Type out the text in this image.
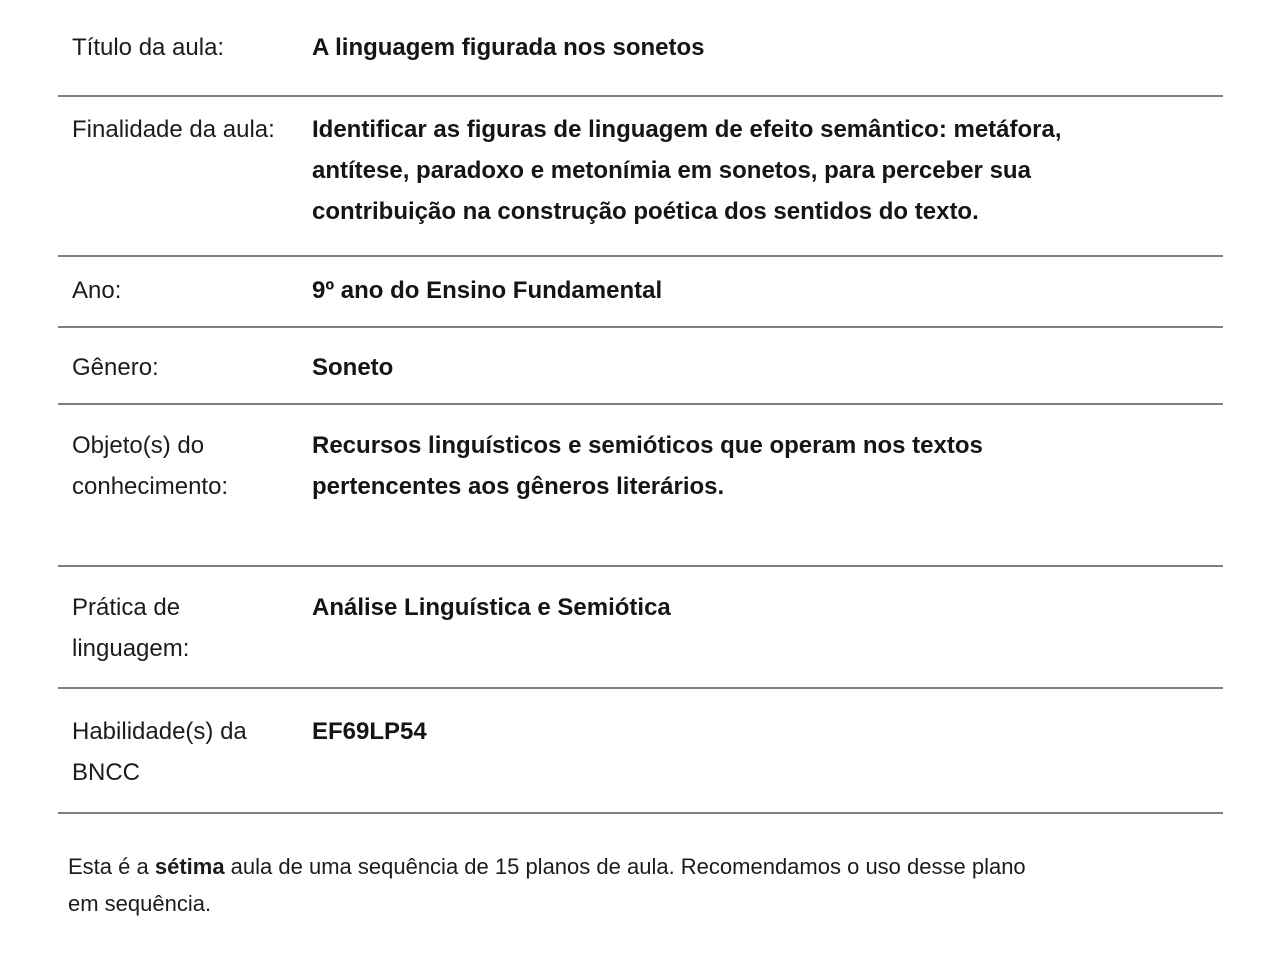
Título da aula:	A linguagem figurada nos sonetos
Finalidade da aula: Identificar as figuras de linguagem de efeito semântico: metáfora, antítese, paradoxo e metonímia em sonetos, para perceber sua contribuição na construção poética dos sentidos do texto.
Ano:	9º ano do Ensino Fundamental
Gênero:	Soneto
Objeto(s) do conhecimento:
Recursos linguísticos e semióticos que operam nos textos pertencentes aos gêneros literários.
Prática de linguagem:
Análise Linguística e Semiótica
Habilidade(s) da BNCC
EF69LP54

Esta é a sétima aula de uma sequência de 15 planos de aula. Recomendamos o uso desse plano em sequência.
